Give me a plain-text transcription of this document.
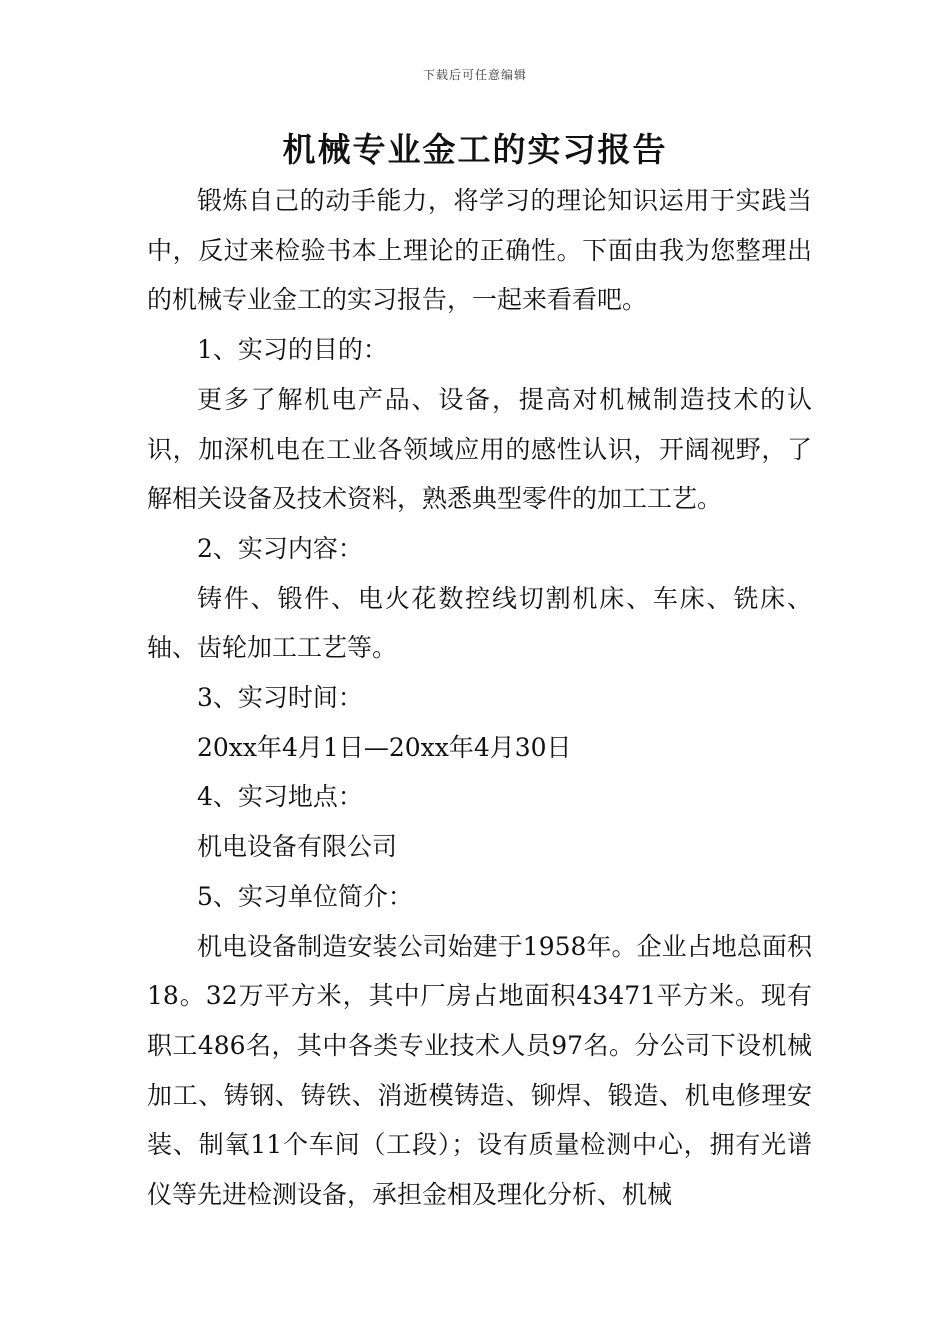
下载后可任意编辑
机械专业金工的实习报告

锻炼自己的动手能力，将学习的理论知识运用于实践当中，反过来检验书本上理论的正确性。下面由我为您整理出的机械专业金工的实习报告，一起来看看吧。

1、实习的目的：

更多了解机电产品、设备，提高对机械制造技术的认识，加深机电在工业各领域应用的感性认识，开阔视野，了解相关设备及技术资料，熟悉典型零件的加工工艺。

2、实习内容：

铸件、锻件、电火花数控线切割机床、车床、铣床、轴、齿轮加工工艺等。

3、实习时间：

20xx年4月1日—20xx年4月30日

4、实习地点：

机电设备有限公司

5、实习单位简介：

机电设备制造安装公司始建于1958年。企业占地总面积18。32万平方米，其中厂房占地面积43471平方米。现有职工486名，其中各类专业技术人员97名。分公司下设机械加工、铸钢、铸铁、消逝模铸造、铆焊、锻造、机电修理安装、制氧11个车间（工段）；设有质量检测中心，拥有光谱仪等先进检测设备，承担金相及理化分析、机械
